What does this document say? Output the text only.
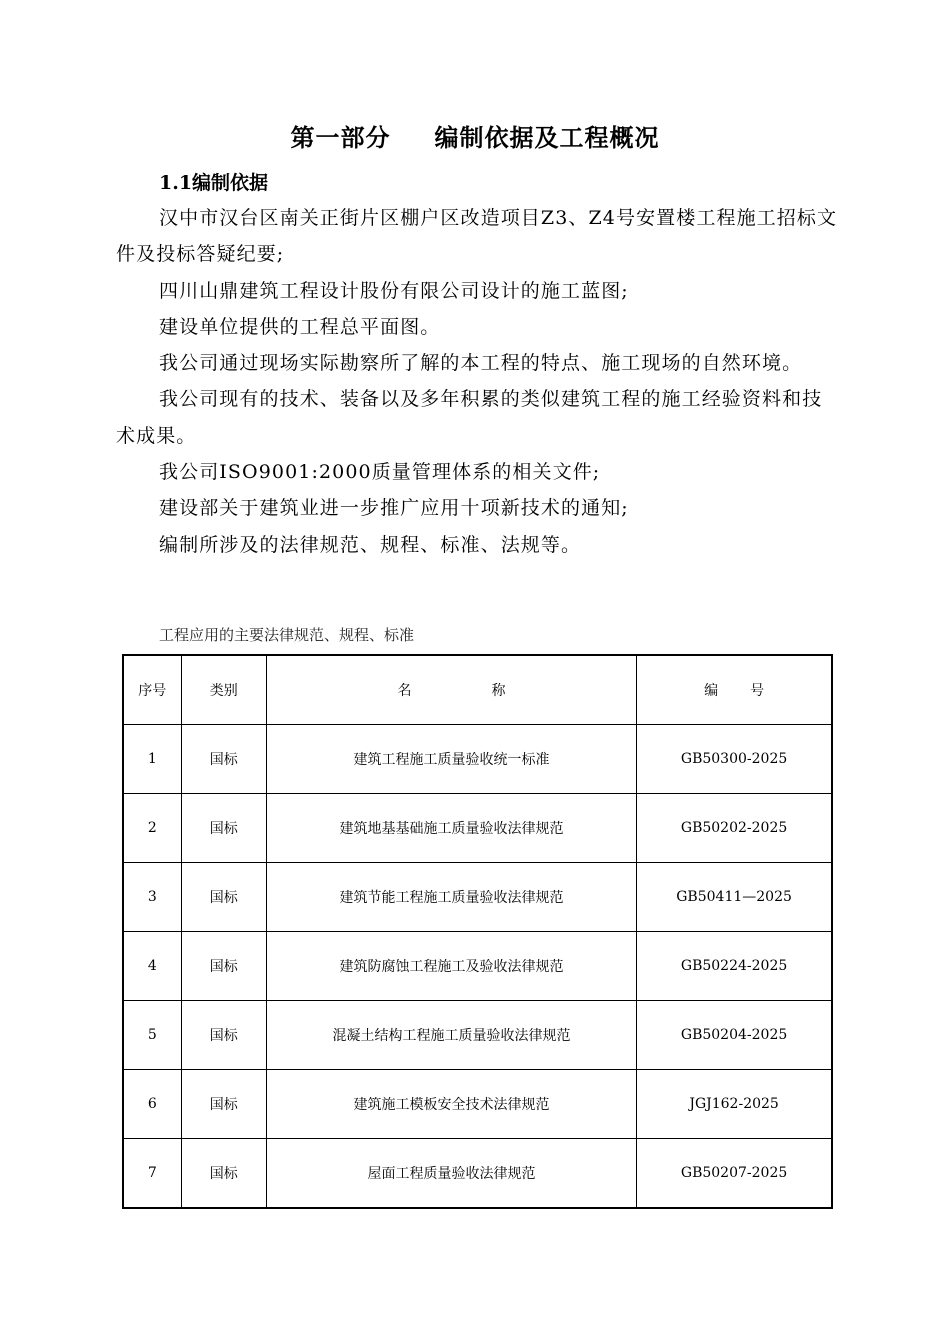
第一部分 编制依据及工程概况
1.1编制依据

汉中市汉台区南关正街片区棚户区改造项目Z3、Z4号安置楼工程施工招标文件及投标答疑纪要;

四川山鼎建筑工程设计股份有限公司设计的施工蓝图;

建设单位提供的工程总平面图。

我公司通过现场实际勘察所了解的本工程的特点、施工现场的自然环境。

我公司现有的技术、装备以及多年积累的类似建筑工程的施工经验资料和技术成果。

我公司ISO9001:2000质量管理体系的相关文件;

建设部关于建筑业进一步推广应用十项新技术的通知;

编制所涉及的法律规范、规程、标准、法规等。

工程应用的主要法律规范、规程、标准
序号	类别	名 称	编 号
1	国标	建筑工程施工质量验收统一标准	GB50300-2025
2	国标	建筑地基基础施工质量验收法律规范	GB50202-2025
3	国标	建筑节能工程施工质量验收法律规范	GB50411—2025
4	国标	建筑防腐蚀工程施工及验收法律规范	GB50224-2025
5	国标	混凝土结构工程施工质量验收法律规范	GB50204-2025
6	国标	建筑施工模板安全技术法律规范	JGJ162-2025
7	国标	屋面工程质量验收法律规范	GB50207-2025
